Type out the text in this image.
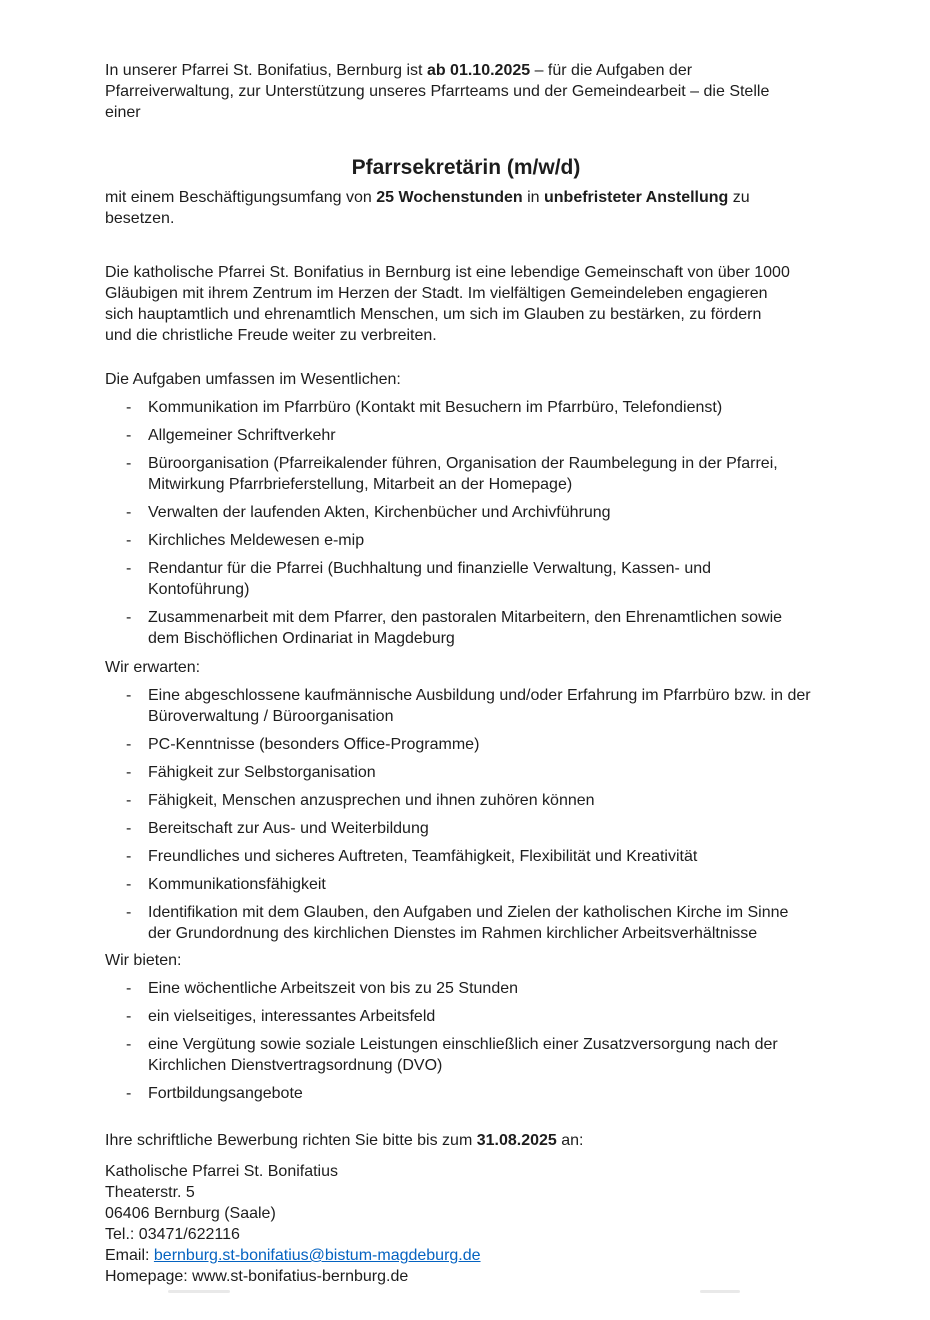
In unserer Pfarrei St. Bonifatius, Bernburg ist ab 01.10.2025 – für die Aufgaben der
Pfarreiverwaltung, zur Unterstützung unseres Pfarrteams und der Gemeindearbeit – die Stelle
einer

Pfarrsekretärin (m/w/d)

mit einem Beschäftigungsumfang von 25 Wochenstunden in unbefristeter Anstellung zu
besetzen.

Die katholische Pfarrei St. Bonifatius in Bernburg ist eine lebendige Gemeinschaft von über 1000
Gläubigen mit ihrem Zentrum im Herzen der Stadt. Im vielfältigen Gemeindeleben engagieren
sich hauptamtlich und ehrenamtlich Menschen, um sich im Glauben zu bestärken, zu fördern
und die christliche Freude weiter zu verbreiten.

Die Aufgaben umfassen im Wesentlichen:

- Kommunikation im Pfarrbüro (Kontakt mit Besuchern im Pfarrbüro, Telefondienst)
- Allgemeiner Schriftverkehr
- Büroorganisation (Pfarreikalender führen, Organisation der Raumbelegung in der Pfarrei,
Mitwirkung Pfarrbrieferstellung, Mitarbeit an der Homepage)
- Verwalten der laufenden Akten, Kirchenbücher und Archivführung
- Kirchliches Meldewesen e-mip
- Rendantur für die Pfarrei (Buchhaltung und finanzielle Verwaltung, Kassen- und
Kontoführung)
- Zusammenarbeit mit dem Pfarrer, den pastoralen Mitarbeitern, den Ehrenamtlichen sowie
dem Bischöflichen Ordinariat in Magdeburg

Wir erwarten:

- Eine abgeschlossene kaufmännische Ausbildung und/oder Erfahrung im Pfarrbüro bzw. in der
Büroverwaltung / Büroorganisation
- PC-Kenntnisse (besonders Office-Programme)
- Fähigkeit zur Selbstorganisation
- Fähigkeit, Menschen anzusprechen und ihnen zuhören können
- Bereitschaft zur Aus- und Weiterbildung
- Freundliches und sicheres Auftreten, Teamfähigkeit, Flexibilität und Kreativität
- Kommunikationsfähigkeit
- Identifikation mit dem Glauben, den Aufgaben und Zielen der katholischen Kirche im Sinne
der Grundordnung des kirchlichen Dienstes im Rahmen kirchlicher Arbeitsverhältnisse

Wir bieten:

- Eine wöchentliche Arbeitszeit von bis zu 25 Stunden
- ein vielseitiges, interessantes Arbeitsfeld
- eine Vergütung sowie soziale Leistungen einschließlich einer Zusatzversorgung nach der
Kirchlichen Dienstvertragsordnung (DVO)
- Fortbildungsangebote

Ihre schriftliche Bewerbung richten Sie bitte bis zum 31.08.2025 an:

Katholische Pfarrei St. Bonifatius
Theaterstr. 5
06406 Bernburg (Saale)
Tel.: 03471/622116
Email: bernburg.st-bonifatius@bistum-magdeburg.de
Homepage: www.st-bonifatius-bernburg.de
